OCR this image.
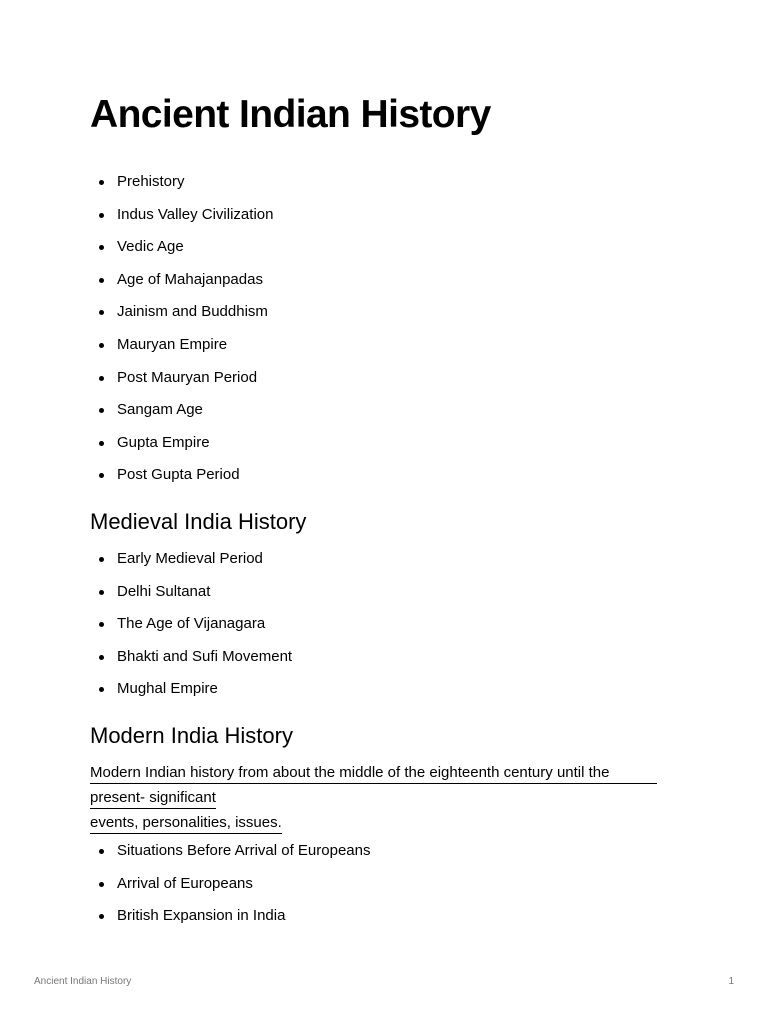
Ancient Indian History
Prehistory
Indus Valley Civilization
Vedic Age
Age of Mahajanpadas
Jainism and Buddhism
Mauryan Empire
Post Mauryan Period
Sangam Age
Gupta Empire
Post Gupta Period
Medieval India History
Early Medieval Period
Delhi Sultanat
The Age of Vijanagara
Bhakti and Sufi Movement
Mughal Empire
Modern India History
Modern Indian history from about the middle of the eighteenth century until the
present- significant
events, personalities, issues.
Situations Before Arrival of Europeans
Arrival of Europeans
British Expansion in India
Ancient Indian History	1
